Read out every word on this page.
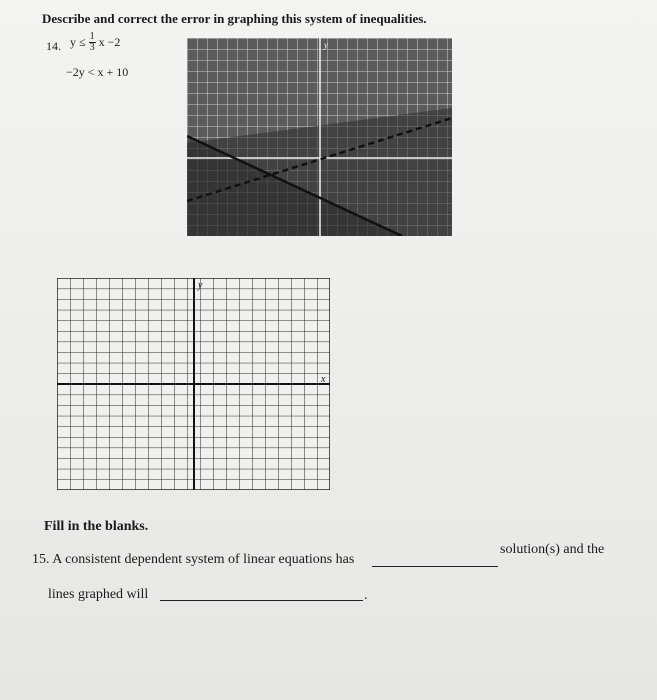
Describe and correct the error in graphing this system of inequalities.
14. $y \le \frac{1}{3}$ x −2
−2y < x + 10
y
y
x
Fill in the blanks.
15. A consistent dependent system of linear equations has
solution(s) and the
lines graphed will	.
